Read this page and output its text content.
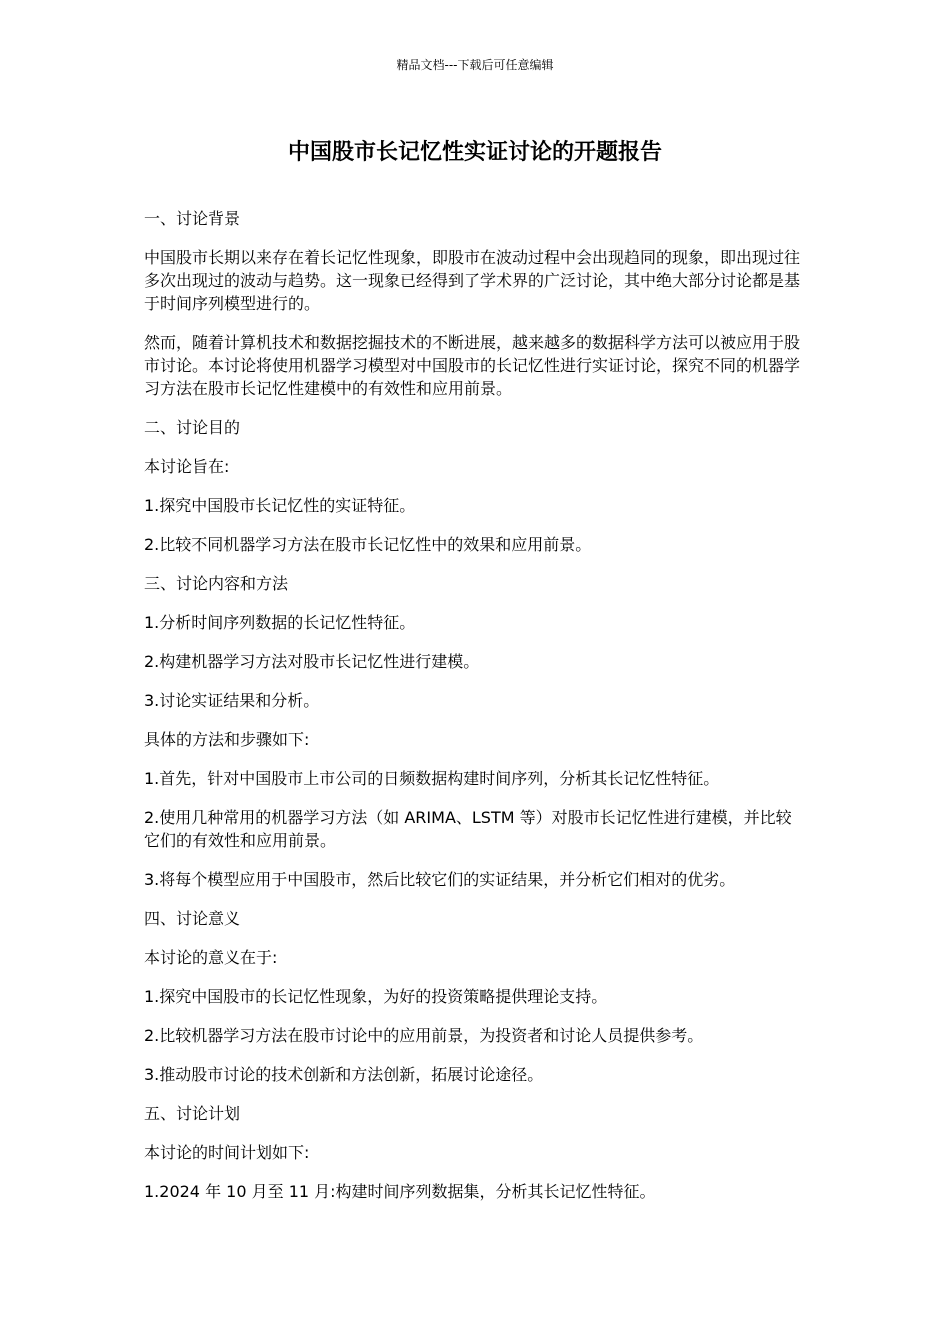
精品文档---下载后可任意编辑
中国股市长记忆性实证讨论的开题报告

一、讨论背景

中国股市长期以来存在着长记忆性现象，即股市在波动过程中会出现趋同的现象，即出现过往多次出现过的波动与趋势。这一现象已经得到了学术界的广泛讨论，其中绝大部分讨论都是基于时间序列模型进行的。

然而，随着计算机技术和数据挖掘技术的不断进展，越来越多的数据科学方法可以被应用于股市讨论。本讨论将使用机器学习模型对中国股市的长记忆性进行实证讨论，探究不同的机器学习方法在股市长记忆性建模中的有效性和应用前景。

二、讨论目的

本讨论旨在:

1.探究中国股市长记忆性的实证特征。

2.比较不同机器学习方法在股市长记忆性中的效果和应用前景。

三、讨论内容和方法

1.分析时间序列数据的长记忆性特征。

2.构建机器学习方法对股市长记忆性进行建模。

3.讨论实证结果和分析。

具体的方法和步骤如下:

1.首先，针对中国股市上市公司的日频数据构建时间序列，分析其长记忆性特征。

2.使用几种常用的机器学习方法（如 ARIMA、LSTM 等）对股市长记忆性进行建模，并比较它们的有效性和应用前景。

3.将每个模型应用于中国股市，然后比较它们的实证结果，并分析它们相对的优劣。

四、讨论意义

本讨论的意义在于:

1.探究中国股市的长记忆性现象，为好的投资策略提供理论支持。

2.比较机器学习方法在股市讨论中的应用前景，为投资者和讨论人员提供参考。

3.推动股市讨论的技术创新和方法创新，拓展讨论途径。

五、讨论计划

本讨论的时间计划如下:

1.2024 年 10 月至 11 月:构建时间序列数据集，分析其长记忆性特征。
